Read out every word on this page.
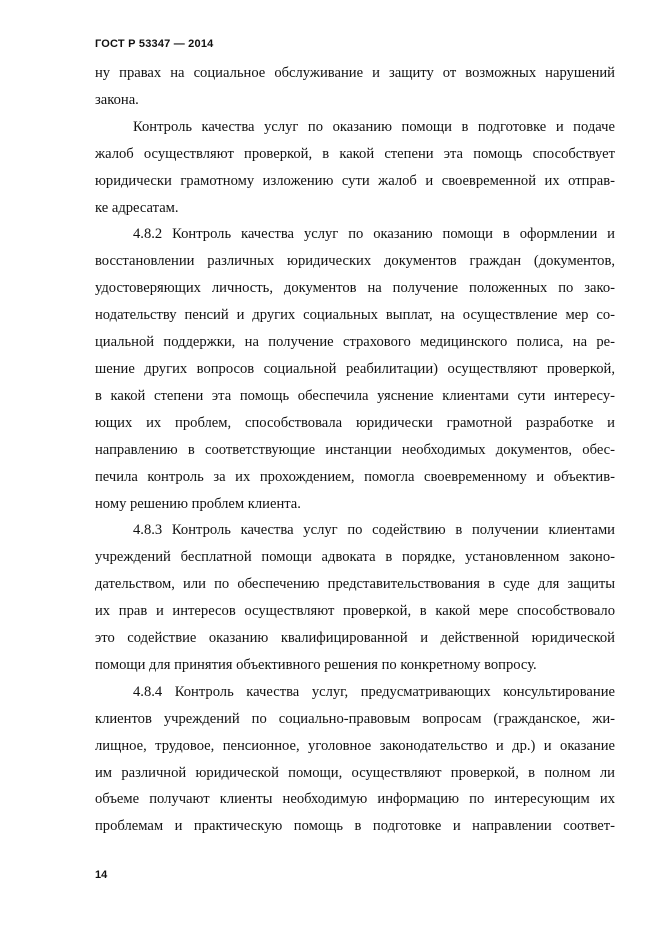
ГОСТ Р 53347 — 2014

ну правах на социальное обслуживание и защиту от возможных нарушений

закона.

Контроль качества услуг по оказанию помощи в подготовке и подаче

жалоб осуществляют проверкой, в какой степени эта помощь способствует

юридически грамотному изложению сути жалоб и своевременной их отправ-

ке адресатам.

4.8.2 Контроль качества услуг по оказанию помощи в оформлении и

восстановлении различных юридических документов граждан (документов,

удостоверяющих личность, документов на получение положенных по зако-

нодательству пенсий и других социальных выплат, на осуществление мер со-

циальной поддержки, на получение страхового медицинского полиса, на ре-

шение других вопросов социальной реабилитации) осуществляют проверкой,

в какой степени эта помощь обеспечила уяснение клиентами сути интересу-

ющих их проблем, способствовала юридически грамотной разработке и

направлению в соответствующие инстанции необходимых документов, обес-

печила контроль за их прохождением, помогла своевременному и объектив-

ному решению проблем клиента.

4.8.3 Контроль качества услуг по содействию в получении клиентами

учреждений бесплатной помощи адвоката в порядке, установленном законо-

дательством, или по обеспечению представительствования в суде для защиты

их прав и интересов осуществляют проверкой, в какой мере способствовало

это содействие оказанию квалифицированной и действенной юридической

помощи для принятия объективного решения по конкретному вопросу.

4.8.4 Контроль качества услуг, предусматривающих консультирование

клиентов учреждений по социально-правовым вопросам (гражданское, жи-

лищное, трудовое, пенсионное, уголовное законодательство и др.) и оказание

им различной юридической помощи, осуществляют проверкой, в полном ли

объеме получают клиенты необходимую информацию по интересующим их

проблемам и практическую помощь в подготовке и направлении соответ-

14
